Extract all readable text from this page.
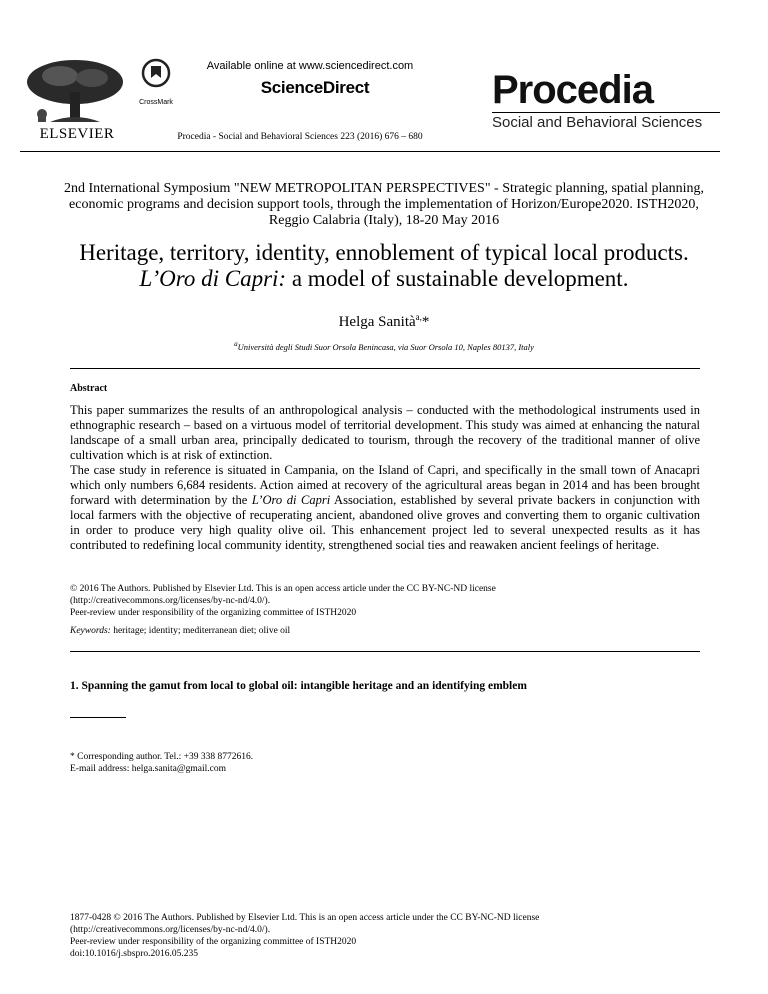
ELSEVIER
CrossMark
Available online at www.sciencedirect.com
ScienceDirect
Procedia - Social and Behavioral Sciences 223 (2016) 676 – 680
Procedia
Social and Behavioral Sciences
2nd International Symposium "NEW METROPOLITAN PERSPECTIVES" - Strategic planning, spatial planning, economic programs and decision support tools, through the implementation of Horizon/Europe2020. ISTH2020, Reggio Calabria (Italy), 18-20 May 2016
Heritage, territory, identity, ennoblement of typical local products.
L’Oro di Capri: a model of sustainable development.
Helga Sanità$^{a,}$*
$^a$Università degli Studi Suor Orsola Benincasa, via Suor Orsola 10, Naples 80137, Italy
Abstract

This paper summarizes the results of an anthropological analysis – conducted with the methodological instruments used in ethnographic research – based on a virtuous model of territorial development. This study was aimed at enhancing the natural landscape of a small urban area, principally dedicated to tourism, through the recovery of the traditional manner of olive cultivation which is at risk of extinction.

The case study in reference is situated in Campania, on the Island of Capri, and specifically in the small town of Anacapri which only numbers 6,684 residents. Action aimed at recovery of the agricultural areas began in 2014 and has been brought forward with determination by the L’Oro di Capri Association, established by several private backers in conjunction with local farmers with the objective of recuperating ancient, abandoned olive groves and converting them to organic cultivation in order to produce very high quality olive oil. This enhancement project led to several unexpected results as it has contributed to redefining local community identity, strengthened social ties and reawaken ancient feelings of heritage.

© 2016 The Authors. Published by Elsevier Ltd. This is an open access article under the CC BY-NC-ND license

(http://creativecommons.org/licenses/by-nc-nd/4.0/).

Peer-review under responsibility of the organizing committee of ISTH2020

Keywords: heritage; identity; mediterranean diet; olive oil
1. Spanning the gamut from local to global oil: intangible heritage and an identifying emblem

* Corresponding author. Tel.: +39 338 8772616.

E-mail address: helga.sanita@gmail.com

1877-0428 © 2016 The Authors. Published by Elsevier Ltd. This is an open access article under the CC BY-NC-ND license

(http://creativecommons.org/licenses/by-nc-nd/4.0/).

Peer-review under responsibility of the organizing committee of ISTH2020

doi:10.1016/j.sbspro.2016.05.235
